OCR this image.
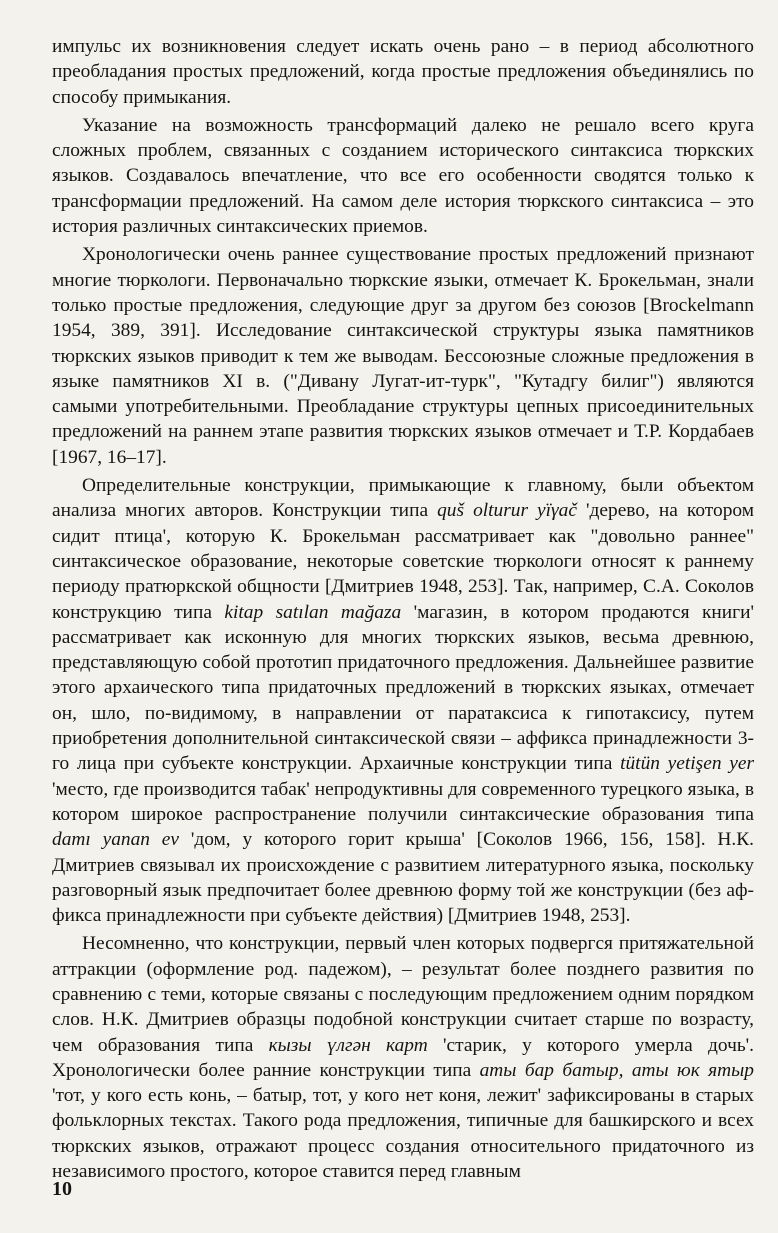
импульс их возникновения следует искать очень рано – в период абсолютного преобладания простых предложений, когда простые предложения объединялись по способу примыкания.

Указание на возможность трансформаций далеко не решало всего круга сложных проблем, связанных с созданием исторического синтаксиса тюркских языков. Создавалось впечатление, что все его особенности сводятся только к трансформации предложений. На самом деле история тюркского синтаксиса – это история различных синтаксических приемов.

Хронологически очень раннее существование простых предложений признают многие тюркологи. Первоначально тюркские языки, отмечает К. Брокельман, знали только простые предложения, следующие друг за другом без союзов [Brockelmann 1954, 389, 391]. Исследование синтаксической структуры языка памятников тюркских языков приводит к тем же выводам. Бессоюзные сложные предложения в языке памятников XI в. ("Дивану Лугат-ит-турк", "Кутадгу билиг") являются самыми употребительными. Преобладание структуры цепных присоединительных предложений на раннем этапе развития тюркских языков отмечает и Т.Р. Кордабаев [1967, 16–17].

Определительные конструкции, примыкающие к главному, были объектом анализа многих авторов. Конструкции типа quš olturur yïγač 'дерево, на котором сидит птица', которую К. Брокельман рассматривает как "довольно раннее" синтаксическое образование, некоторые советские тюркологи относят к раннему периоду пратюркской общности [Дмитриев 1948, 253]. Так, например, С.А. Соколов конструкцию типа kitap satılan mağaza 'магазин, в котором продаются книги' рассматривает как исконную для многих тюркских языков, весьма древнюю, представляющую собой прототип придаточного предложения. Дальнейшее развитие этого архаического типа придаточных предложений в тюркских языках, отмечает он, шло, по-видимому, в направлении от паратаксиса к гипотаксису, путем приобретения дополнительной синтаксической связи – аффикса принадлежности 3-го лица при субъекте конструкции. Архаичные конструкции типа tütün yetişen yer 'место, где производится табак' непродуктивны для современного турецкого языка, в котором широкое распространение получили синтаксические образования типа damı yanan ev 'дом, у которого горит крыша' [Соколов 1966, 156, 158]. Н.К. Дмитриев связывал их происхождение с развитием литературного языка, поскольку разговорный язык предпочитает более древнюю форму той же конструкции (без аффикса принадлежности при субъекте действия) [Дмитриев 1948, 253].

Несомненно, что конструкции, первый член которых подвергся притяжательной аттракции (оформление род. падежом), – результат более позднего развития по сравнению с теми, которые связаны с последующим предложением одним порядком слов. Н.К. Дмитриев образцы подобной конструкции считает старше по возрасту, чем образования типа кызы үлгән карт 'старик, у которого умерла дочь'. Хронологически более ранние конструкции типа аты бар батыр, аты юк ятыр 'тот, у кого есть конь, – батыр, тот, у кого нет коня, лежит' зафиксированы в старых фольклорных текстах. Такого рода предложения, типичные для башкирского и всех тюркских языков, отражают процесс создания относительного придаточного из независимого простого, которое ставится перед главным

10
